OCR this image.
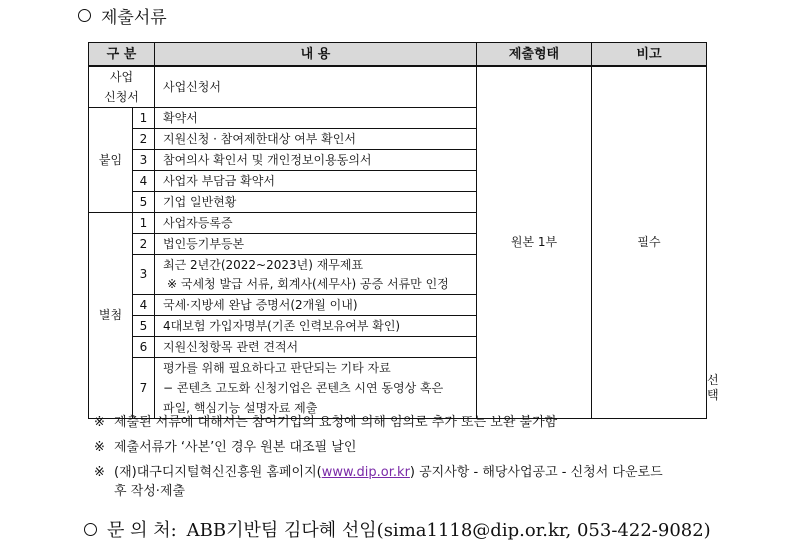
제출서류
구 분		내 용	제출형태	비고	
사업
신청서		사업신청서	원본 1부	필수	
붙임	1	확약서			
	2	지원신청 · 참여제한대상 여부 확인서			
	3	참여의사 확인서 및 개인정보이용동의서			
	4	사업자 부담금 확약서			
	5	기업 일반현황			
별첨	1	사업자등록증			
	2	법인등기부등본			
	3	최근 2년간(2022~2023년) 재무제표
※ 국세청 발급 서류, 회계사(세무사) 공증 서류만 인정			

	4	국세·지방세 완납 증명서(2개월 이내)			
	5	4대보험 가입자명부(기존 인력보유여부 확인)			
	6	지원신청항목 관련 견적서			
	7	평가를 위해 필요하다고 판단되는 기타 자료
− 콘텐츠 고도화 신청기업은 콘텐츠 시연 동영상 혹은
파일, 핵심기능 설명자료 제출			선택
※ 제출된 서류에 대해서는 참여기업의 요청에 의해 임의로 추가 또는 보완 불가함
※ 제출서류가 ‘사본’인 경우 원본 대조필 날인
※ (재)대구디지털혁신진흥원 홈페이지(www.dip.or.kr) 공지사항 - 해당사업공고 - 신청서 다운로드
후 작성·제출
문 의 처: ABB기반팀 김다혜 선임(sima1118@dip.or.kr, 053-422-9082)
